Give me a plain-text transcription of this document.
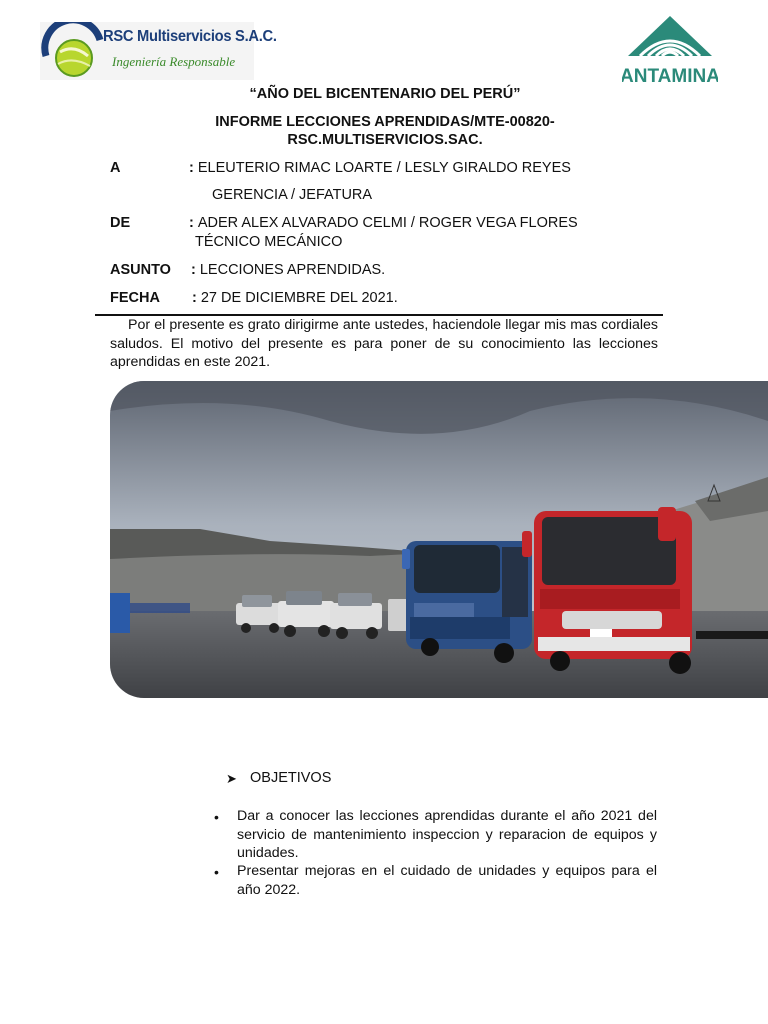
RSC Multiservicios S.A.C.
Ingeniería Responsable
ANTAMINA
“AÑO DEL BICENTENARIO DEL PERÚ”
INFORME LECCIONES APRENDIDAS/MTE-00820-
RSC.MULTISERVICIOS.SAC.
A	: ELEUTERIO RIMAC LOARTE / LESLY GIRALDO REYES
GERENCIA / JEFATURA
DE	: ADER ALEX ALVARADO CELMI / ROGER VEGA FLORES
TÉCNICO MECÁNICO
ASUNTO : LECCIONES APRENDIDAS.
FECHA : 27 DE DICIEMBRE DEL 2021.

Por el presente es grato dirigirme ante ustedes, haciendole llegar mis mas cordiales saludos. El motivo del presente es para poner de su conocimiento las lecciones aprendidas en este 2021.

➤ OBJETIVOS
• Dar a conocer las lecciones aprendidas durante el año 2021 del servicio de mantenimiento inspeccion y reparacion de equipos y unidades.

• Presentar mejoras en el cuidado de unidades y equipos para el año 2022.
